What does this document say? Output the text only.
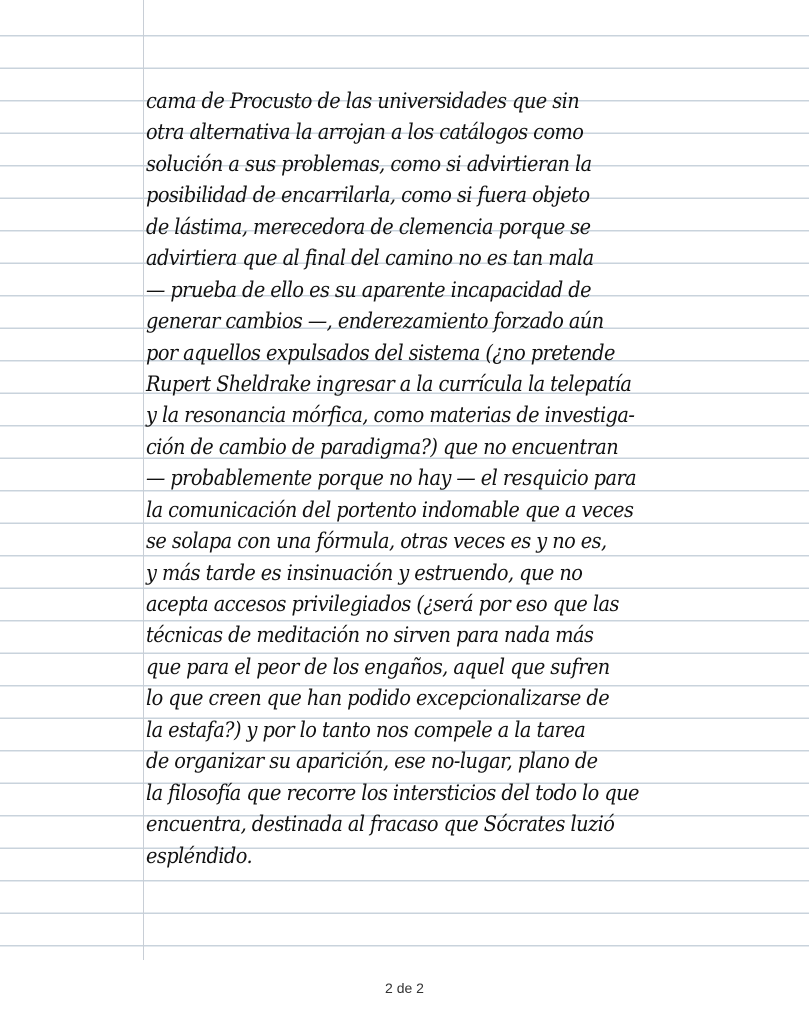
cama de Procusto de las universidades que sin
otra alternativa la arrojan a los catálogos como
solución a sus problemas, como si advirtieran la
posibilidad de encarrilarla, como si fuera objeto
de lástima, merecedora de clemencia porque se
advirtiera que al final del camino no es tan mala
— prueba de ello es su aparente incapacidad de
generar cambios —, enderezamiento forzado aún
por aquellos expulsados del sistema (¿no pretende
Rupert Sheldrake ingresar a la currícula la telepatía
y la resonancia mórfica, como materias de investiga-
ción de cambio de paradigma?) que no encuentran
— probablemente porque no hay — el resquicio para
la comunicación del portento indomable que a veces
se solapa con una fórmula, otras veces es y no es,
y más tarde es insinuación y estruendo, que no
acepta accesos privilegiados (¿será por eso que las
técnicas de meditación no sirven para nada más
que para el peor de los engaños, aquel que sufren
lo que creen que han podido excepcionalizarse de
la estafa?) y por lo tanto nos compele a la tarea
de organizar su aparición, ese no-lugar, plano de
la filosofía que recorre los intersticios del todo lo que
encuentra, destinada al fracaso que Sócrates luzió
espléndido.
2 de 2
